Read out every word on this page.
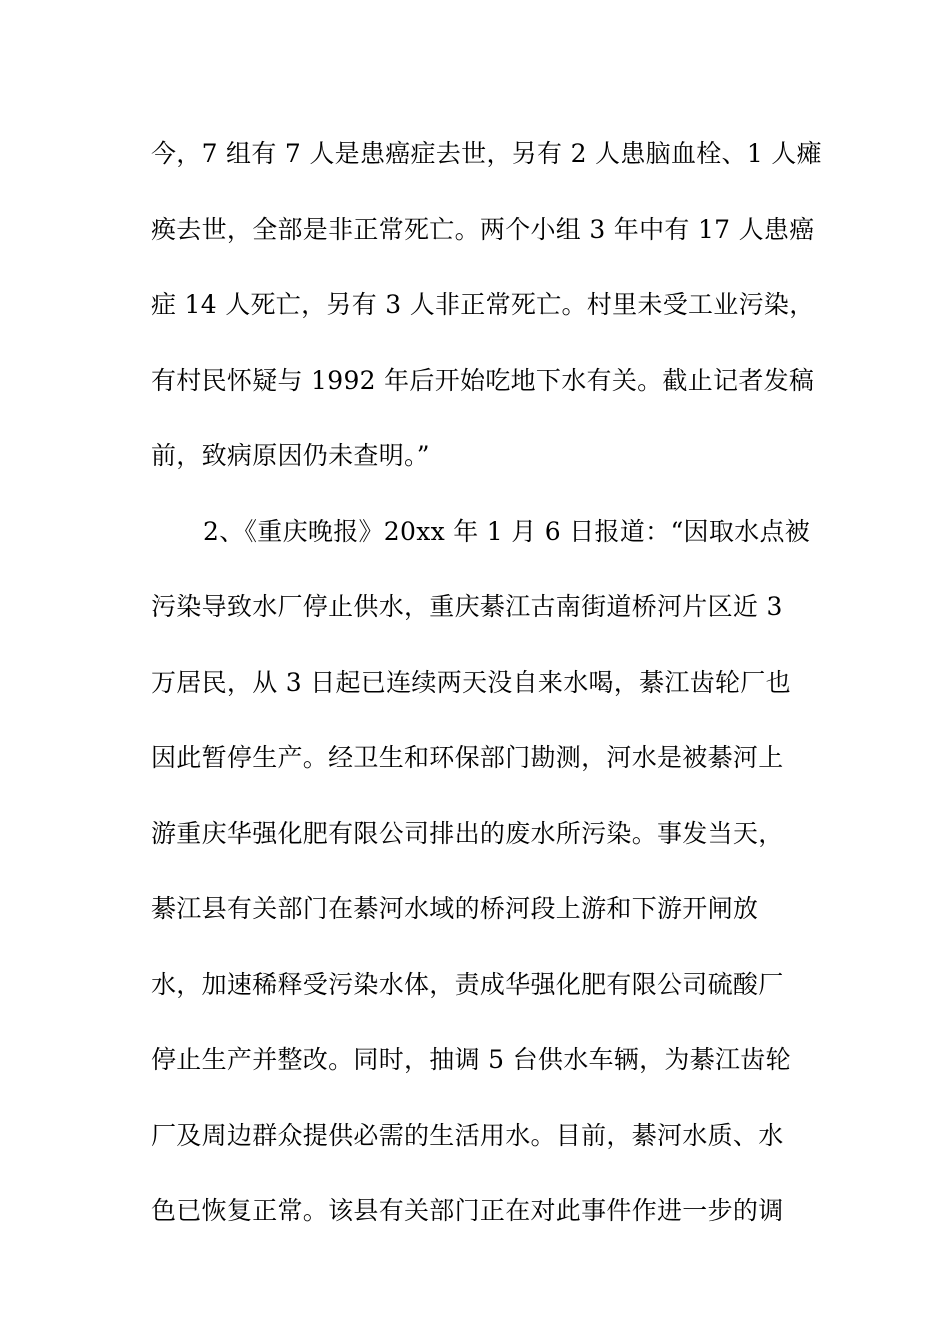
今，7 组有 7 人是患癌症去世，另有 2 人患脑血栓、1 人瘫
痪去世，全部是非正常死亡。两个小组 3 年中有 17 人患癌
症 14 人死亡，另有 3 人非正常死亡。村里未受工业污染，
有村民怀疑与 1992 年后开始吃地下水有关。截止记者发稿
前，致病原因仍未查明。”
2、《重庆晚报》20xx 年 1 月 6 日报道：“因取水点被
污染导致水厂停止供水，重庆綦江古南街道桥河片区近 3
万居民，从 3 日起已连续两天没自来水喝，綦江齿轮厂也
因此暂停生产。经卫生和环保部门勘测，河水是被綦河上
游重庆华强化肥有限公司排出的废水所污染。事发当天，
綦江县有关部门在綦河水域的桥河段上游和下游开闸放
水，加速稀释受污染水体，责成华强化肥有限公司硫酸厂
停止生产并整改。同时，抽调 5 台供水车辆，为綦江齿轮
厂及周边群众提供必需的生活用水。目前，綦河水质、水
色已恢复正常。该县有关部门正在对此事件作进一步的调
